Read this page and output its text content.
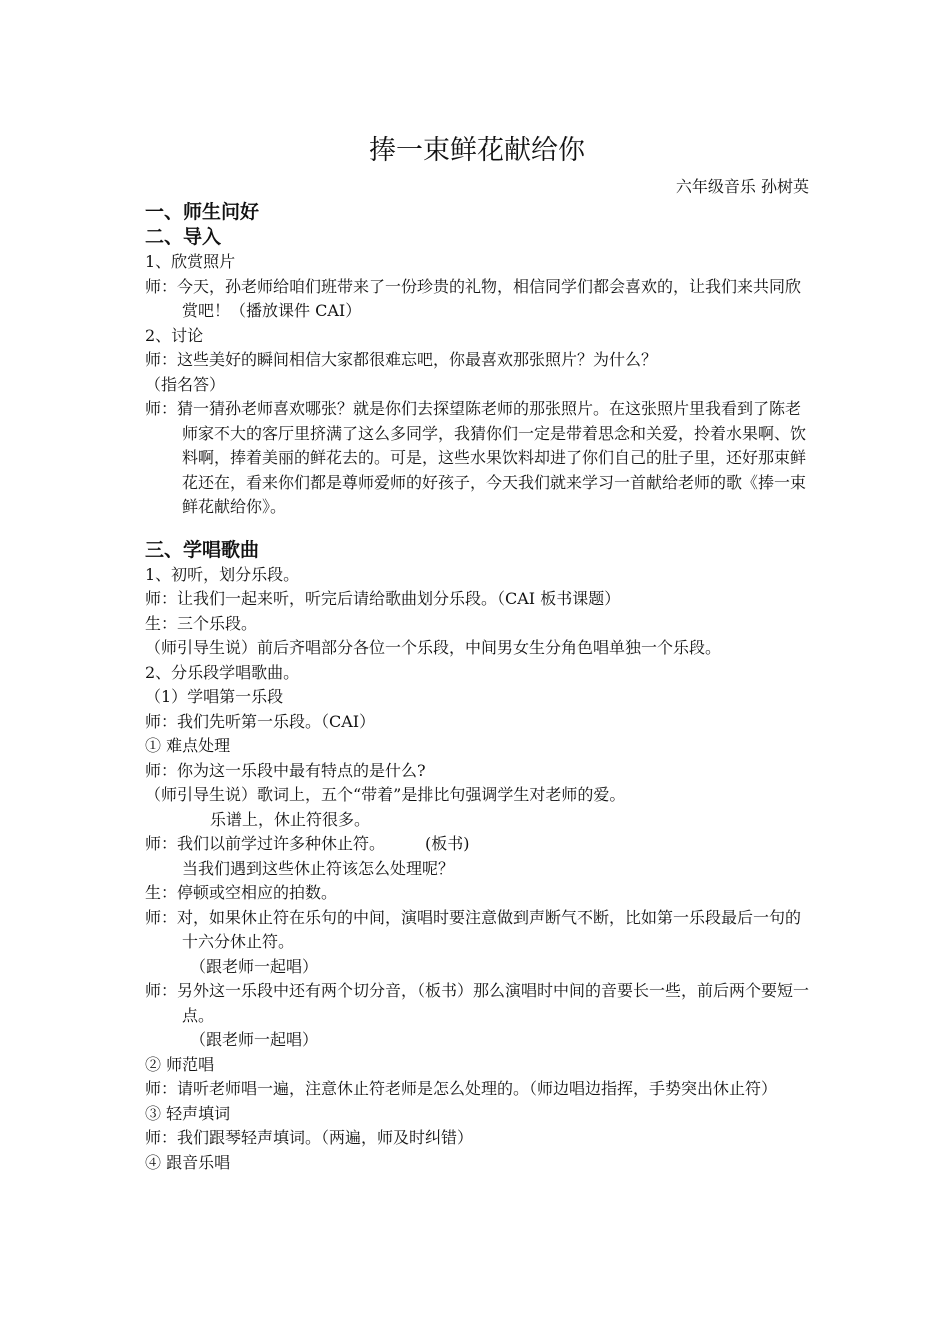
捧一束鲜花献给你
六年级音乐 孙树英
一、师生问好
二、导入
1、欣赏照片
师：今天，孙老师给咱们班带来了一份珍贵的礼物，相信同学们都会喜欢的，让我们来共同欣赏吧！（播放课件 CAI）
2、讨论
师：这些美好的瞬间相信大家都很难忘吧，你最喜欢那张照片？为什么？
（指名答）
师：猜一猜孙老师喜欢哪张？就是你们去探望陈老师的那张照片。在这张照片里我看到了陈老师家不大的客厅里挤满了这么多同学，我猜你们一定是带着思念和关爱，拎着水果啊、饮料啊，捧着美丽的鲜花去的。可是，这些水果饮料却进了你们自己的肚子里，还好那束鲜花还在，看来你们都是尊师爱师的好孩子，今天我们就来学习一首献给老师的歌《捧一束鲜花献给你》。
三、学唱歌曲
1、初听，划分乐段。
师：让我们一起来听，听完后请给歌曲划分乐段。（CAI 板书课题）
生：三个乐段。
（师引导生说）前后齐唱部分各位一个乐段，中间男女生分角色唱单独一个乐段。
2、分乐段学唱歌曲。
（1）学唱第一乐段
师：我们先听第一乐段。（CAI）
① 难点处理
师：你为这一乐段中最有特点的是什么?
（师引导生说）歌词上，五个“带着”是排比句强调学生对老师的爱。
乐谱上，休止符很多。
师：我们以前学过许多种休止符。　　　(板书)
当我们遇到这些休止符该怎么处理呢？
生：停顿或空相应的拍数。
师：对，如果休止符在乐句的中间，演唱时要注意做到声断气不断，比如第一乐段最后一句的十六分休止符。
（跟老师一起唱）
师：另外这一乐段中还有两个切分音，（板书）那么演唱时中间的音要长一些，前后两个要短一点。
（跟老师一起唱）
② 师范唱
师：请听老师唱一遍，注意休止符老师是怎么处理的。（师边唱边指挥，手势突出休止符）
③ 轻声填词
师：我们跟琴轻声填词。（两遍，师及时纠错）
④ 跟音乐唱
